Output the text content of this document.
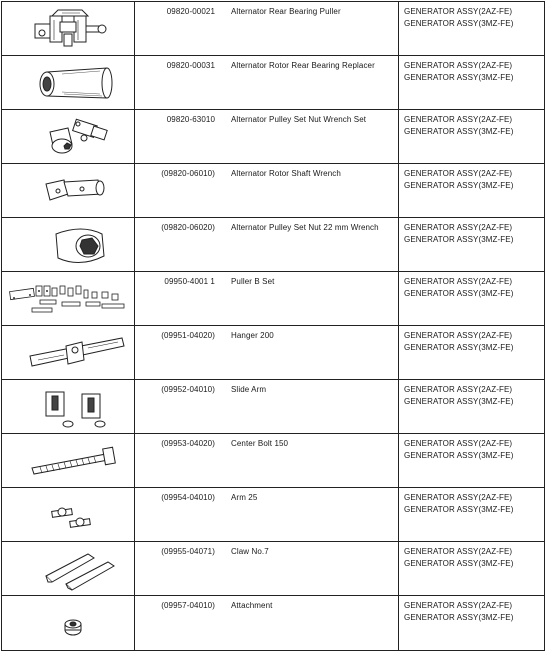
09820-00021 Alternator Rear Bearing Puller	GENERATOR ASSY(2AZ-FE)
GENERATOR ASSY(3MZ-FE)
09820-00031 Alternator Rotor Rear Bearing Replacer	GENERATOR ASSY(2AZ-FE)
GENERATOR ASSY(3MZ-FE)
09820-63010 Alternator Pulley Set Nut Wrench Set	GENERATOR ASSY(2AZ-FE)
GENERATOR ASSY(3MZ-FE)
(09820-06010) Alternator Rotor Shaft Wrench	GENERATOR ASSY(2AZ-FE)
GENERATOR ASSY(3MZ-FE)
(09820-06020) Alternator Pulley Set Nut 22 mm Wrench	GENERATOR ASSY(2AZ-FE)
GENERATOR ASSY(3MZ-FE)
09950-4001 1 Puller B Set	GENERATOR ASSY(2AZ-FE)
GENERATOR ASSY(3MZ-FE)
(09951-04020) Hanger 200	GENERATOR ASSY(2AZ-FE)
GENERATOR ASSY(3MZ-FE)
(09952-04010) Slide Arm	GENERATOR ASSY(2AZ-FE)
GENERATOR ASSY(3MZ-FE)
(09953-04020) Center Bolt 150	GENERATOR ASSY(2AZ-FE)
GENERATOR ASSY(3MZ-FE)
(09954-04010) Arm 25	GENERATOR ASSY(2AZ-FE)
GENERATOR ASSY(3MZ-FE)
(09955-04071) Claw No.7	GENERATOR ASSY(2AZ-FE)
GENERATOR ASSY(3MZ-FE)
(09957-04010) Attachment	GENERATOR ASSY(2AZ-FE)
GENERATOR ASSY(3MZ-FE)
